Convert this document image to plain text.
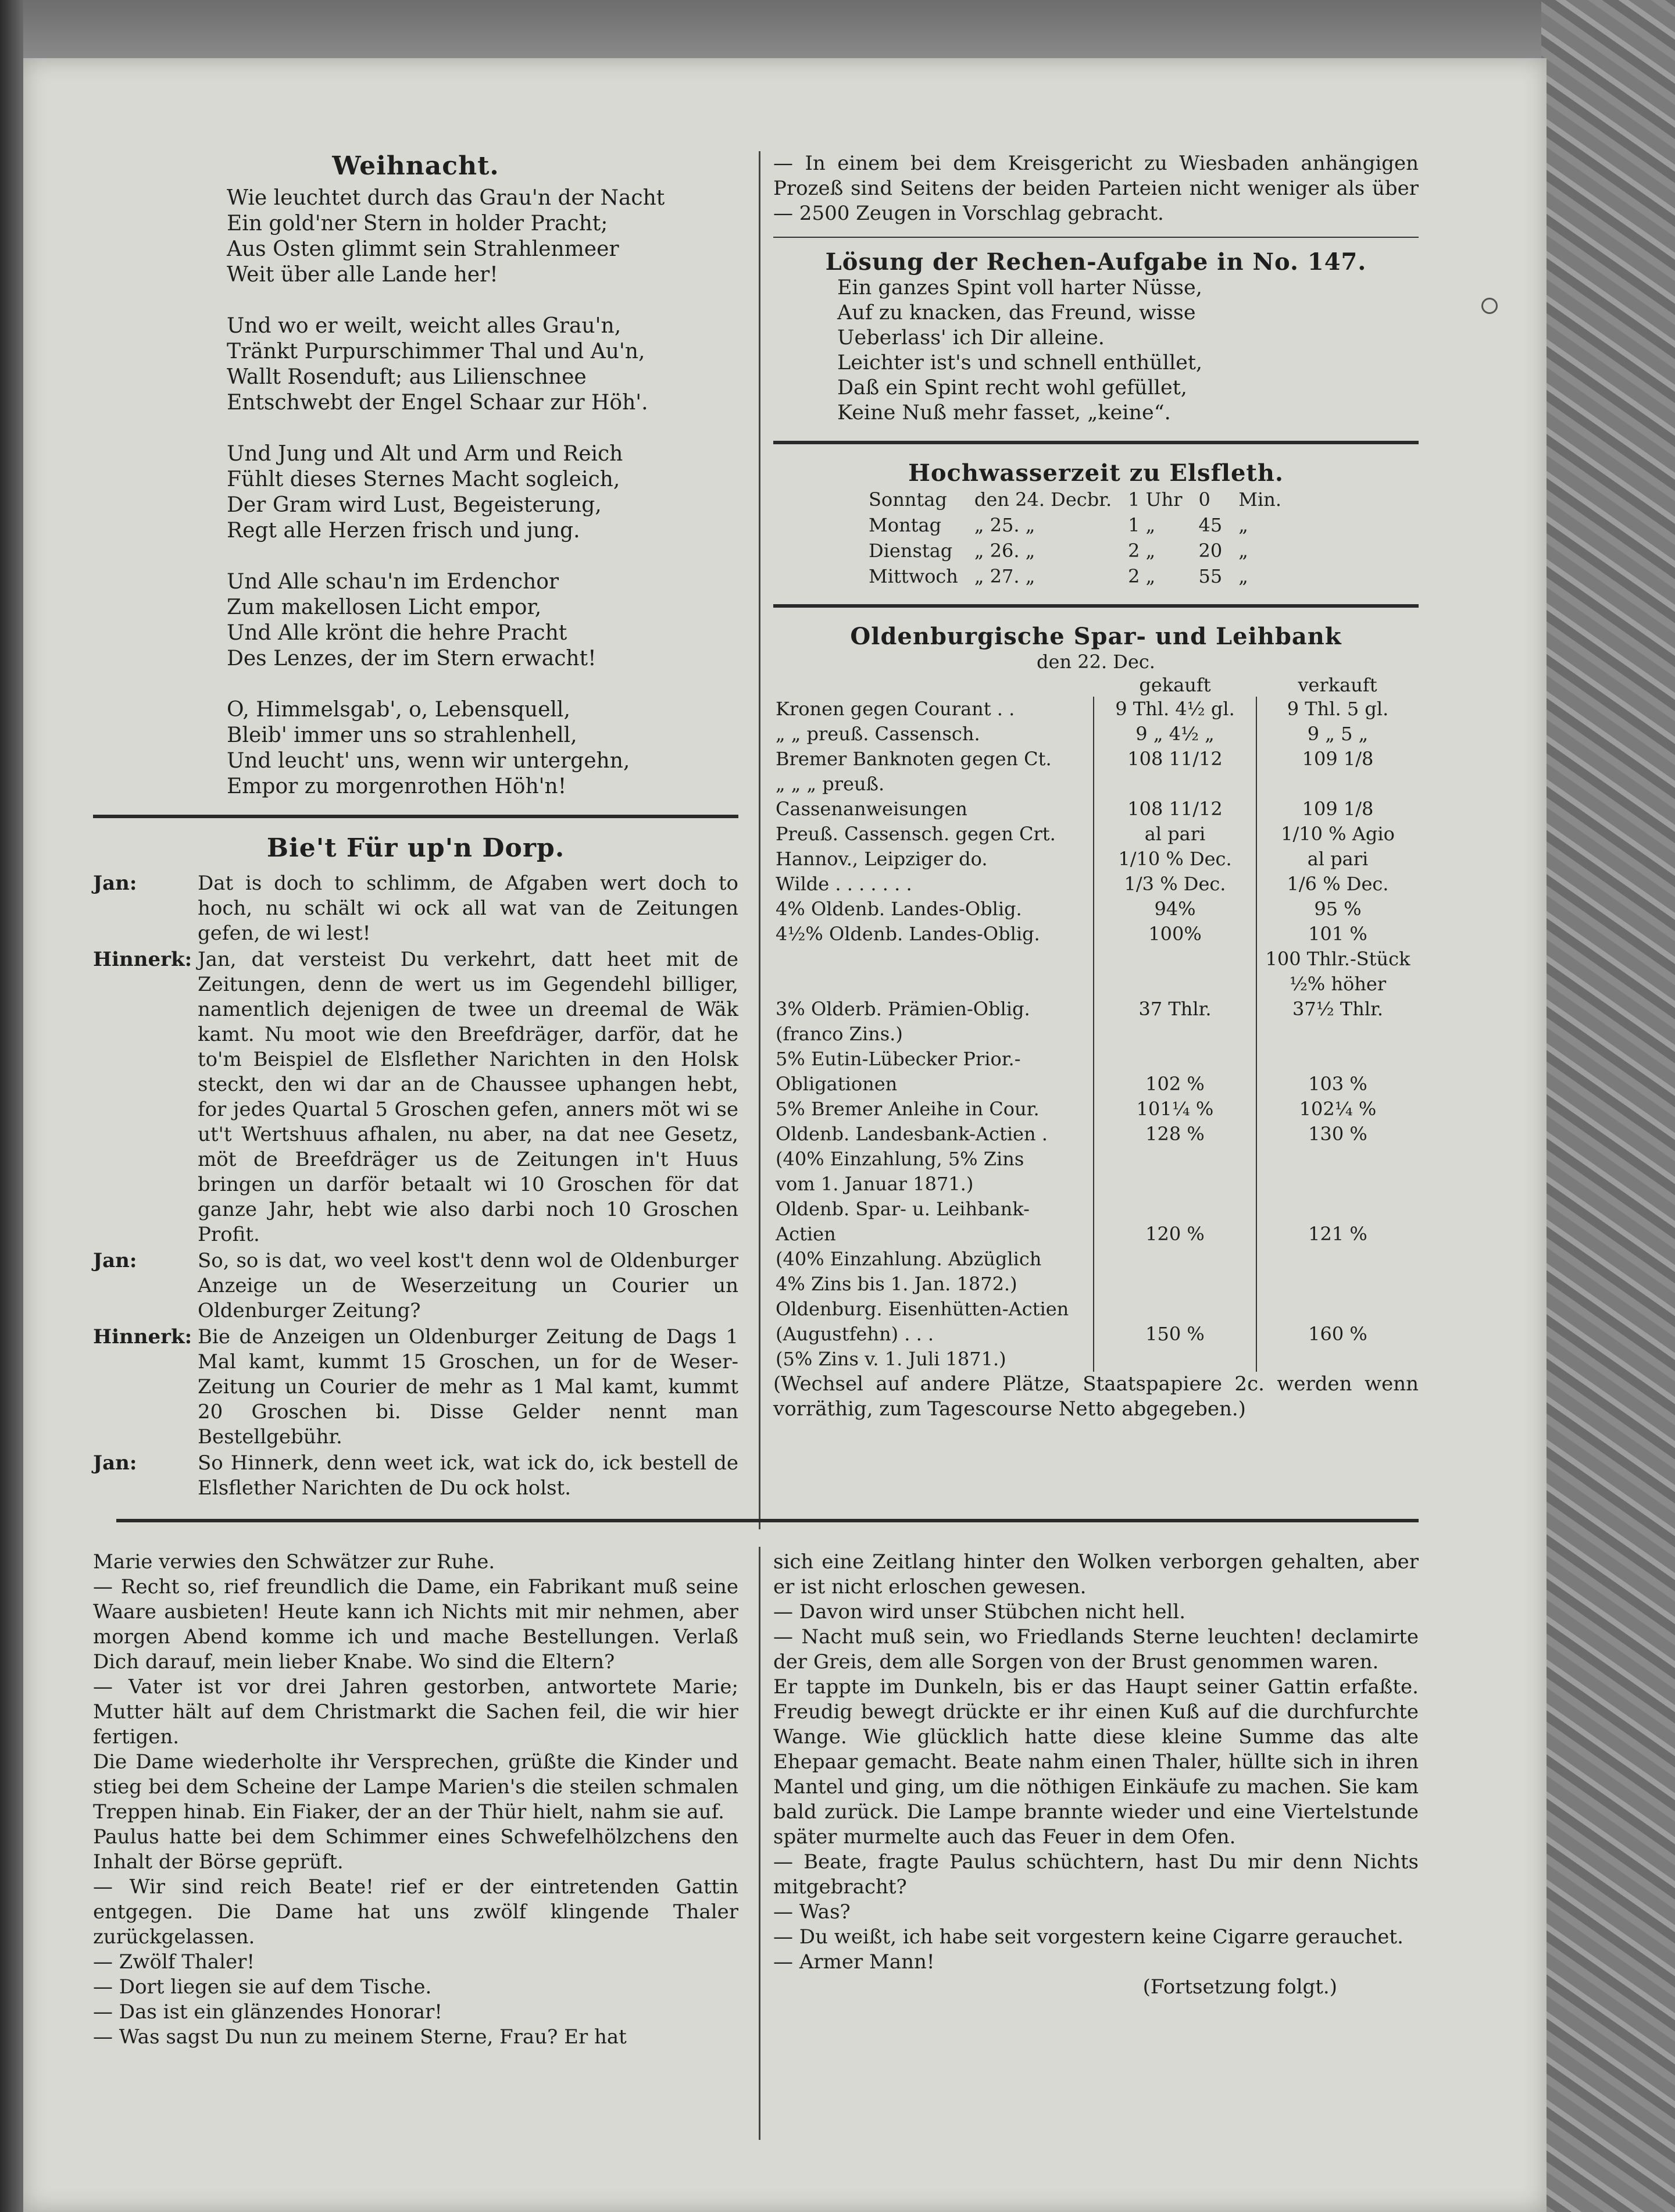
Weihnacht.

Wie leuchtet durch das Grau'n der Nacht

Ein gold'ner Stern in holder Pracht;

Aus Osten glimmt sein Strahlenmeer

Weit über alle Lande her!

Und wo er weilt, weicht alles Grau'n,

Tränkt Purpurschimmer Thal und Au'n,

Wallt Rosenduft; aus Lilienschnee

Entschwebt der Engel Schaar zur Höh'.

Und Jung und Alt und Arm und Reich

Fühlt dieses Sternes Macht sogleich,

Der Gram wird Lust, Begeisterung,

Regt alle Herzen frisch und jung.

Und Alle schau'n im Erdenchor

Zum makellosen Licht empor,

Und Alle krönt die hehre Pracht

Des Lenzes, der im Stern erwacht!

O, Himmelsgab', o, Lebensquell,

Bleib' immer uns so strahlenhell,

Und leucht' uns, wenn wir untergehn,

Empor zu morgenrothen Höh'n!

Bie't Für up'n Dorp.
Jan:	Dat is doch to schlimm, de Afgaben wert doch to hoch, nu schält wi ock all wat van de Zeitungen gefen, de wi lest!
Hinnerk: Jan, dat versteist Du verkehrt, datt heet mit de Zeitungen, denn de wert us im Gegendehl billiger, namentlich dejenigen de twee un dreemal de Wäk kamt. Nu moot wie den Breefdräger, darför, dat he to'm Beispiel de Elsflether Narichten in den Holsk steckt, den wi dar an de Chaussee uphangen hebt, for jedes Quartal 5 Groschen gefen, anners möt wi se ut't Wertshuus afhalen, nu aber, na dat nee Gesetz, möt de Breefdräger us de Zeitungen in't Huus bringen un darför betaalt wi 10 Groschen för dat ganze Jahr, hebt wie also darbi noch 10 Groschen Profit.
Jan:	So, so is dat, wo veel kost't denn wol de Oldenburger Anzeige un de Weserzeitung un Courier un Oldenburger Zeitung?
Hinnerk: Bie de Anzeigen un Oldenburger Zeitung de Dags 1 Mal kamt, kummt 15 Groschen, un for de Weser-Zeitung un Courier de mehr as 1 Mal kamt, kummt 20 Groschen bi. Disse Gelder nennt man Bestellgebühr.
Jan:	So Hinnerk, denn weet ick, wat ick do, ick bestell de Elsflether Narichten de Du ock holst.

— In einem bei dem Kreisgericht zu Wiesbaden anhängigen Prozeß sind Seitens der beiden Parteien nicht weniger als über — 2500 Zeugen in Vorschlag gebracht.

Lösung der Rechen-Aufgabe in No. 147.

Ein ganzes Spint voll harter Nüsse,

Auf zu knacken, das Freund, wisse

Ueberlass' ich Dir alleine.

Leichter ist's und schnell enthüllet,

Daß ein Spint recht wohl gefüllet,

Keine Nuß mehr fasset, „keine“.

Hochwasserzeit zu Elsfleth.
Sonntag	den 24. Decbr.	1 Uhr	0	Min.
Montag	„ 25. „	1 „	45	„
Dienstag	„ 26. „	2 „	20	„
Mittwoch	„ 27. „	2 „	55	„
Oldenburgische Spar- und Leihbank
den 22. Dec.
	gekauft	verkauft
Kronen gegen Courant . .	9 Thl. 4½ gl.	9 Thl. 5 gl.
„ „ preuß. Cassensch.	9 „ 4½ „	9 „ 5 „
Bremer Banknoten gegen Ct.	108 11/12	109 1/8
„ „ „ preuß.		
Cassenanweisungen	108 11/12	109 1/8
Preuß. Cassensch. gegen Crt.	al pari	1/10 % Agio
Hannov., Leipziger do.	1/10 % Dec.	al pari
Wilde . . . . . . .	1/3 % Dec.	1/6 % Dec.
4% Oldenb. Landes-Oblig.	94%	95 %
4½% Oldenb. Landes-Oblig.	100%	101 %
		100 Thlr.-Stück
		½% höher
3% Olderb. Prämien-Oblig.	37 Thlr.	37½ Thlr.
(franco Zins.)		
5% Eutin-Lübecker Prior.-		
Obligationen	102 %	103 %
5% Bremer Anleihe in Cour.	101¼ %	102¼ %
Oldenb. Landesbank-Actien .	128 %	130 %
(40% Einzahlung, 5% Zins		
vom 1. Januar 1871.)		
Oldenb. Spar- u. Leihbank-		
Actien	120 %	121 %
(40% Einzahlung. Abzüglich		
4% Zins bis 1. Jan. 1872.)		
Oldenburg. Eisenhütten-Actien		
(Augustfehn) . . .	150 %	160 %
(5% Zins v. 1. Juli 1871.)		

(Wechsel auf andere Plätze, Staatspapiere 2c. werden wenn vorräthig, zum Tagescourse Netto abgegeben.)

Marie verwies den Schwätzer zur Ruhe.

— Recht so, rief freundlich die Dame, ein Fabrikant muß seine Waare ausbieten! Heute kann ich Nichts mit mir nehmen, aber morgen Abend komme ich und mache Bestellungen. Verlaß Dich darauf, mein lieber Knabe. Wo sind die Eltern?

— Vater ist vor drei Jahren gestorben, antwortete Marie; Mutter hält auf dem Christmarkt die Sachen feil, die wir hier fertigen.

Die Dame wiederholte ihr Versprechen, grüßte die Kinder und stieg bei dem Scheine der Lampe Marien's die steilen schmalen Treppen hinab. Ein Fiaker, der an der Thür hielt, nahm sie auf.

Paulus hatte bei dem Schimmer eines Schwefelhölzchens den Inhalt der Börse geprüft.

— Wir sind reich Beate! rief er der eintretenden Gattin entgegen. Die Dame hat uns zwölf klingende Thaler zurückgelassen.

— Zwölf Thaler!

— Dort liegen sie auf dem Tische.

— Das ist ein glänzendes Honorar!

— Was sagst Du nun zu meinem Sterne, Frau? Er hat

sich eine Zeitlang hinter den Wolken verborgen gehalten, aber er ist nicht erloschen gewesen.

— Davon wird unser Stübchen nicht hell.

— Nacht muß sein, wo Friedlands Sterne leuchten! declamirte der Greis, dem alle Sorgen von der Brust genommen waren.

Er tappte im Dunkeln, bis er das Haupt seiner Gattin erfaßte. Freudig bewegt drückte er ihr einen Kuß auf die durchfurchte Wange. Wie glücklich hatte diese kleine Summe das alte Ehepaar gemacht. Beate nahm einen Thaler, hüllte sich in ihren Mantel und ging, um die nöthigen Einkäufe zu machen. Sie kam bald zurück. Die Lampe brannte wieder und eine Viertelstunde später murmelte auch das Feuer in dem Ofen.

— Beate, fragte Paulus schüchtern, hast Du mir denn Nichts mitgebracht?

— Was?

— Du weißt, ich habe seit vorgestern keine Cigarre gerauchet.

— Armer Mann!

(Fortsetzung folgt.)
